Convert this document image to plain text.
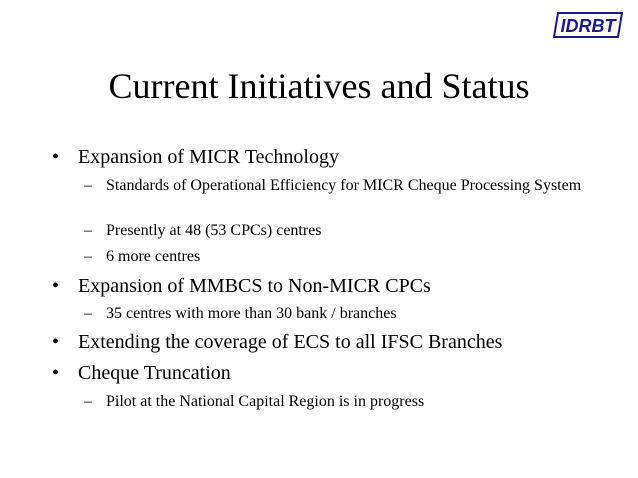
IDRBT
Current Initiatives and Status
• Expansion of MICR Technology
– Standards of Operational Efficiency for MICR Cheque Processing System
– Presently at 48 (53 CPCs) centres
– 6 more centres
• Expansion of MMBCS to Non-MICR CPCs
– 35 centres with more than 30 bank / branches
• Extending the coverage of ECS to all IFSC Branches
• Cheque Truncation
– Pilot at the National Capital Region is in progress
